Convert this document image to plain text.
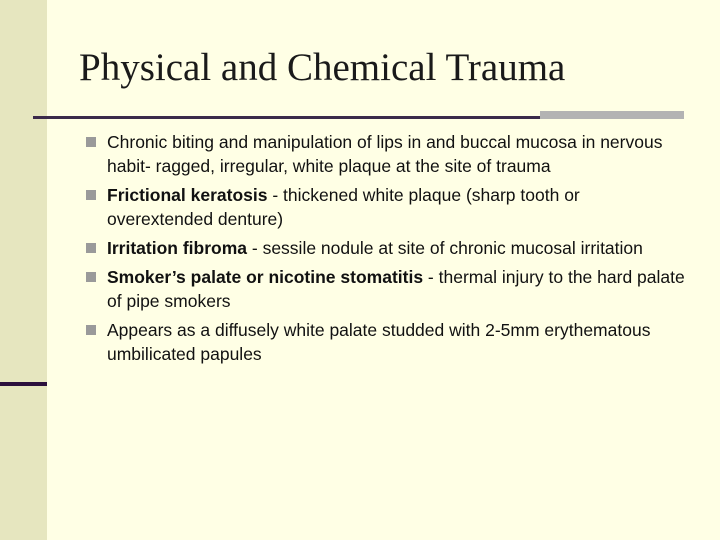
Physical and Chemical Trauma
Chronic biting and manipulation of lips in and buccal mucosa in nervous habit- ragged, irregular, white plaque at the site of trauma
Frictional keratosis - thickened white plaque (sharp tooth or overextended denture)
Irritation fibroma - sessile nodule at site of chronic mucosal irritation
Smoker’s palate or nicotine stomatitis - thermal injury to the hard palate of pipe smokers
Appears as a diffusely white palate studded with 2-5mm erythematous umbilicated papules
